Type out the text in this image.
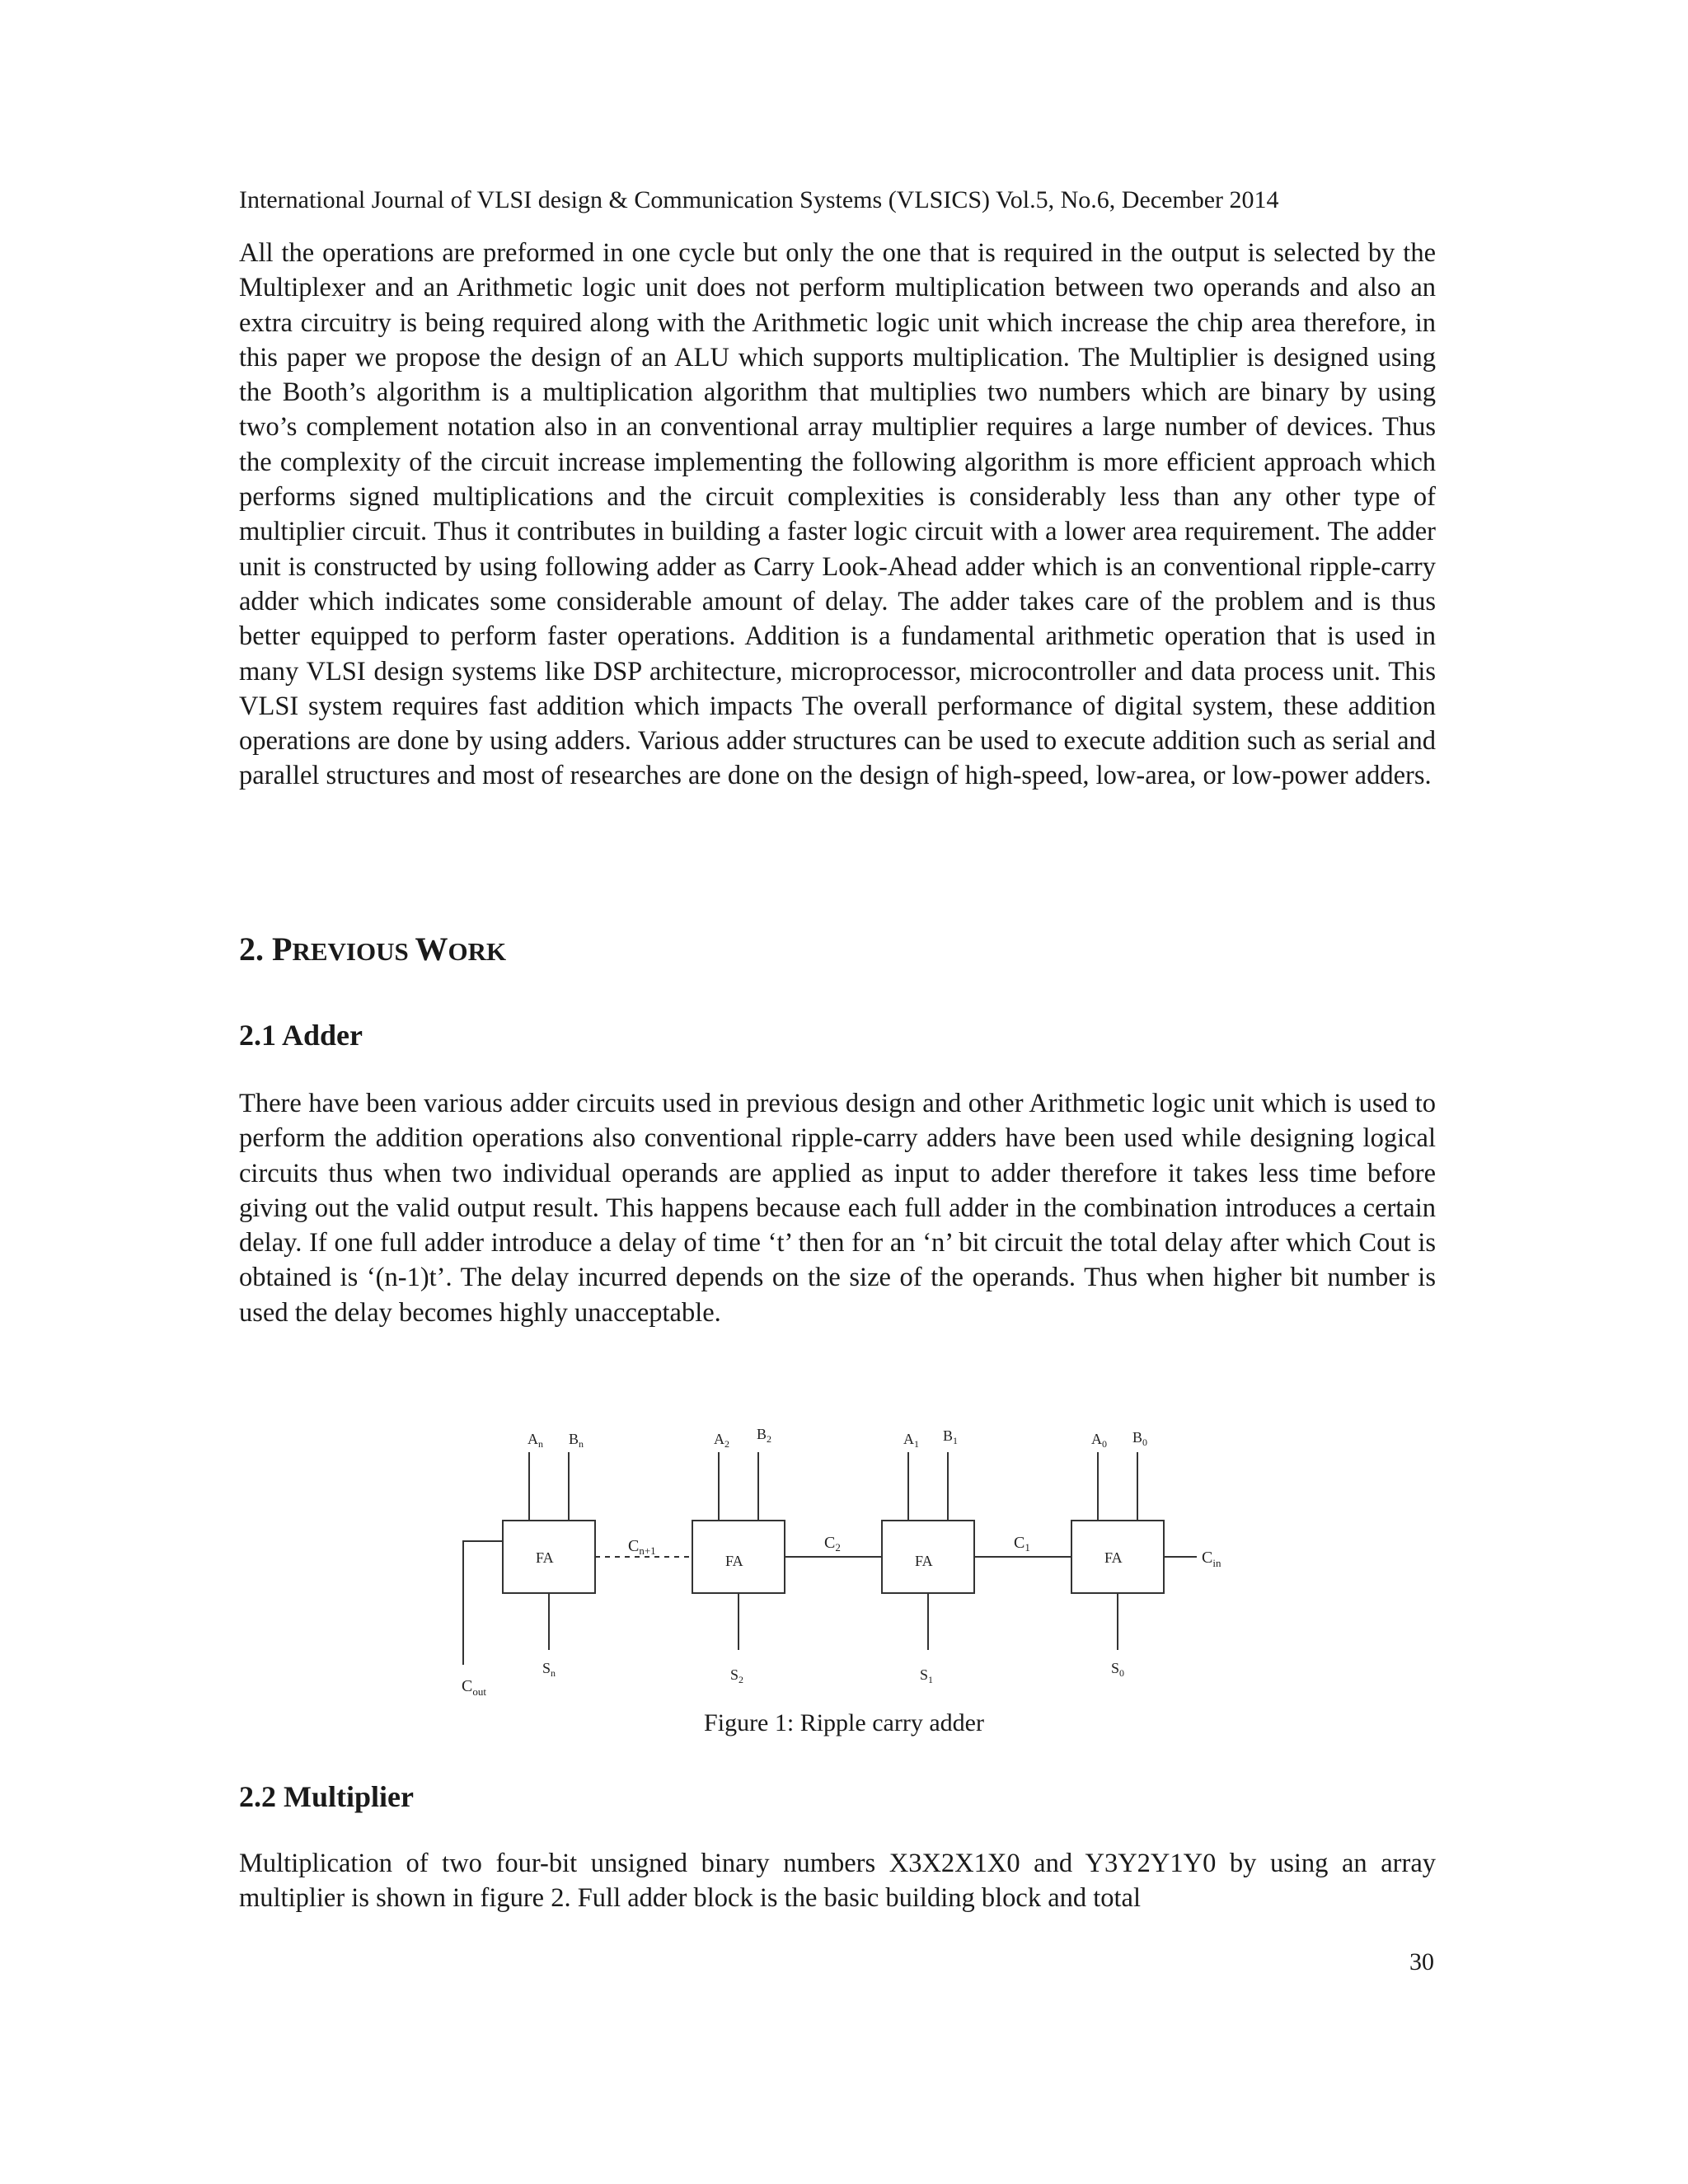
International Journal of VLSI design & Communication Systems (VLSICS) Vol.5, No.6, December 2014

All the operations are preformed in one cycle but only the one that is required in the output is selected by the Multiplexer and an Arithmetic logic unit does not perform multiplication between two operands and also an extra circuitry is being required along with the Arithmetic logic unit which increase the chip area therefore, in this paper we propose the design of an ALU which supports multiplication. The Multiplier is designed using the Booth’s algorithm is a multiplication algorithm that multiplies two numbers which are binary by using two’s complement notation also in an conventional array multiplier requires a large number of devices. Thus the complexity of the circuit increase implementing the following algorithm is more efficient approach which performs signed multiplications and the circuit complexities is considerably less than any other type of multiplier circuit. Thus it contributes in building a faster logic circuit with a lower area requirement. The adder unit is constructed by using following adder as Carry Look-Ahead adder which is an conventional ripple-carry adder which indicates some considerable amount of delay. The adder takes care of the problem and is thus better equipped to perform faster operations. Addition is a fundamental arithmetic operation that is used in many VLSI design systems like DSP architecture, microprocessor, microcontroller and data process unit. This VLSI system requires fast addition which impacts The overall performance of digital system, these addition operations are done by using adders. Various adder structures can be used to execute addition such as serial and parallel structures and most of researches are done on the design of high-speed, low-area, or low-power adders.

2. PREVIOUS WORK
2.1 Adder

There have been various adder circuits used in previous design and other Arithmetic logic unit which is used to perform the addition operations also conventional ripple-carry adders have been used while designing logical circuits thus when two individual operands are applied as input to adder therefore it takes less time before giving out the valid output result. This happens because each full adder in the combination introduces a certain delay. If one full adder introduce a delay of time ‘t’ then for an ‘n’ bit circuit the total delay after which Cout is obtained is ‘(n-1)t’. The delay incurred depends on the size of the operands. Thus when higher bit number is used the delay becomes highly unacceptable.

$A_n$ $B_n$	$A_2$
$B_2$	$A_1$ $B_1$	$A_0$ $B_0$
FA	FA	FA	FA
$C_{n+1}$	$C_2$	$C_1$
$C_{in}$
$C_{out}$
$S_n$	$S_2$	$S_1$
$S_0$
Figure 1: Ripple carry adder
2.2 Multiplier

Multiplication of two four-bit unsigned binary numbers X3X2X1X0 and Y3Y2Y1Y0 by using an array multiplier is shown in figure 2. Full adder block is the basic building block and total

30
